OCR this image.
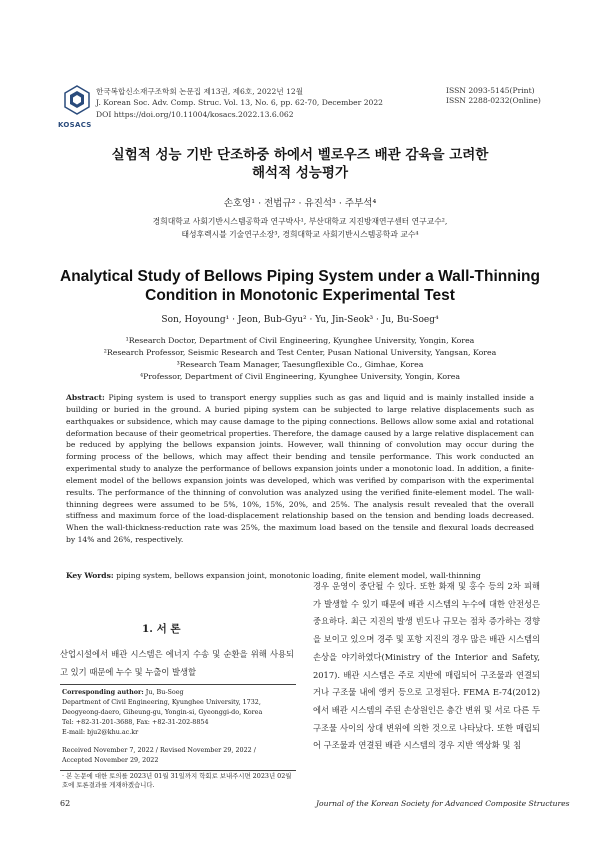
KOSACS
한국복합신소재구조학회 논문집 제13권, 제6호, 2022년 12월
J. Korean Soc. Adv. Comp. Struc. Vol. 13, No. 6, pp. 62-70, December 2022
DOI https://doi.org/10.11004/kosacs.2022.13.6.062
ISSN 2093-5145(Print)
ISSN 2288-0232(Online)
실험적 성능 기반 단조하중 하에서 벨로우즈 배관 감육을 고려한
해석적 성능평가
손호영¹ · 전법규² · 유진석³ · 주부석⁴
경희대학교 사회기반시스템공학과 연구박사¹, 부산대학교 지진방재연구센터 연구교수²,
태성후렉시블 기술연구소장³, 경희대학교 사회기반시스템공학과 교수⁴
Analytical Study of Bellows Piping System under a Wall-Thinning
Condition in Monotonic Experimental Test
Son, Hoyoung¹ · Jeon, Bub-Gyu² · Yu, Jin-Seok³ · Ju, Bu-Soeg⁴
¹Research Doctor, Department of Civil Engineering, Kyunghee University, Yongin, Korea
²Research Professor, Seismic Research and Test Center, Pusan National University, Yangsan, Korea
³Research Team Manager, Taesungflexible Co., Gimhae, Korea
⁴Professor, Department of Civil Engineering, Kyunghee University, Yongin, Korea
Abstract: Piping system is used to transport energy supplies such as gas and liquid and is mainly installed inside a building or buried in the ground. A buried piping system can be subjected to large relative displacements such as earthquakes or subsidence, which may cause damage to the piping connections. Bellows allow some axial and rotational deformation because of their geometrical properties. Therefore, the damage caused by a large relative displacement can be reduced by applying the bellows expansion joints. However, wall thinning of convolution may occur during the forming process of the bellows, which may affect their bending and tensile performance. This work conducted an experimental study to analyze the performance of bellows expansion joints under a monotonic load. In addition, a finite-element model of the bellows expansion joints was developed, which was verified by comparison with the experimental results. The performance of the thinning of convolution was analyzed using the verified finite-element model. The wall-thinning degrees were assumed to be 5%, 10%, 15%, 20%, and 25%. The analysis result revealed that the overall stiffness and maximum force of the load‐displacement relationship based on the tension and bending loads decreased. When the wall-thickness-reduction rate was 25%, the maximum load based on the tensile and flexural loads decreased by 14% and 26%, respectively.
Key Words: piping system, bellows expansion joint, monotonic loading, finite element model, wall-thinning
1. 서 론
산업시설에서 배관 시스템은 에너지 수송 및 순환을 위해 사용되고 있기 때문에 누수 및 누출이 발생할
Corresponding author: Ju, Bu-Soeg
Department of Civil Engineering, Kyunghee University, 1732,
Deogyeong-daero, Giheung-gu, Yongin-si, Gyeonggi-do, Korea
Tel: +82-31-201-3688, Fax: +82-31-202-8854
E-mail: bju2@khu.ac.kr
Received November 7, 2022 / Revised November 29, 2022 /
Accepted November 29, 2022
· 본 논문에 대한 토의를 2023년 01월 31일까지 학회로 보내주시면 2023년 02월호에 토론결과를 게재하겠습니다.
경우 운영이 중단될 수 있다. 또한 화재 및 홍수 등의 2차 피해가 발생할 수 있기 때문에 배관 시스템의 누수에 대한 안전성은 중요하다. 최근 지진의 발생 빈도나 규모는 점차 증가하는 경향을 보이고 있으며 경주 및 포항 지진의 경우 많은 배관 시스템의 손상을 야기하였다(Ministry of the Interior and Safety, 2017). 배관 시스템은 주로 지반에 매립되어 구조물과 연결되거나 구조물 내에 앵커 등으로 고정된다. FEMA E-74(2012)에서 배관 시스템의 주된 손상원인은 층간 변위 및 서로 다른 두 구조물 사이의 상대 변위에 의한 것으로 나타났다. 또한 매립되어 구조물과 연결된 배관 시스템의 경우 지반 액상화 및 침
62	Journal of the Korean Society for Advanced Composite Structures
